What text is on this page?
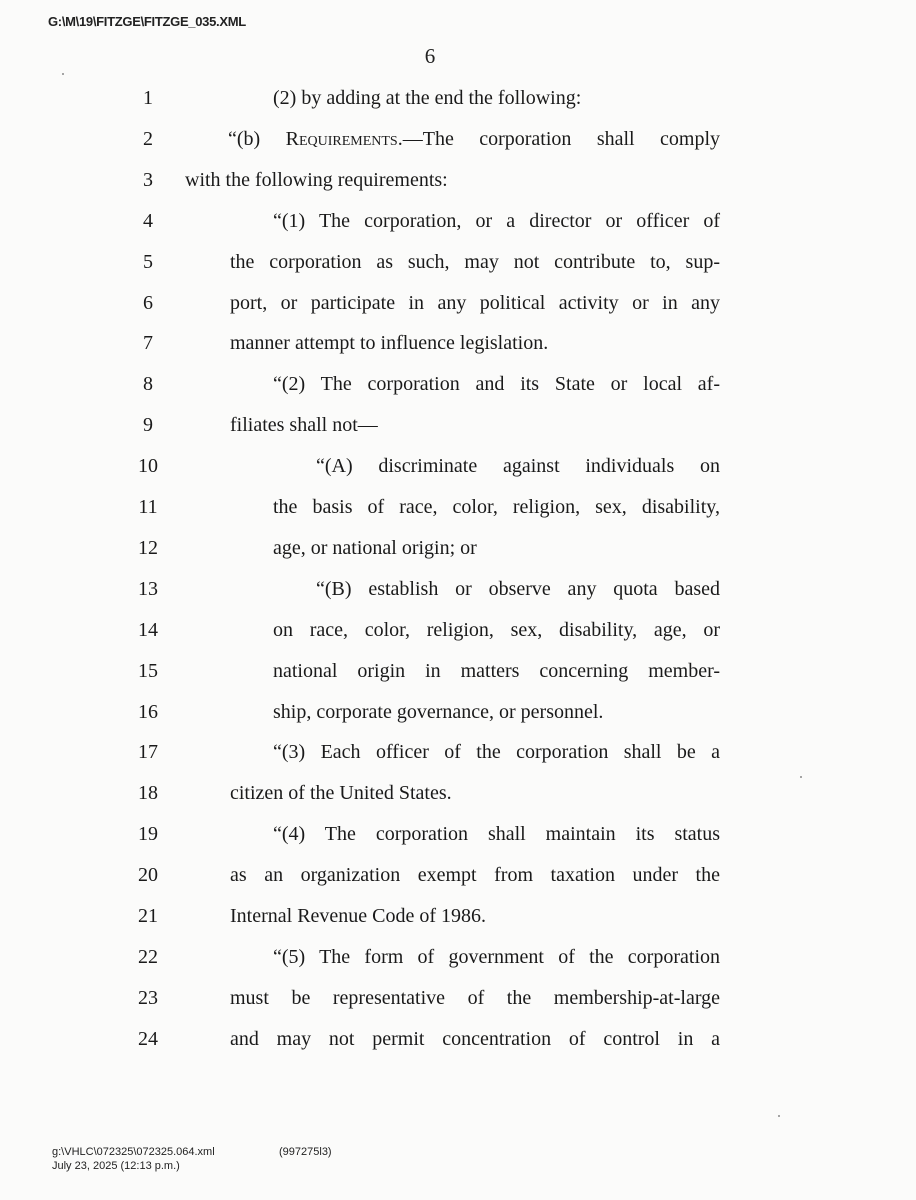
G:\M\19\FITZGE\FITZGE_035.XML
6
1	(2) by adding at the end the following:
2	“(b) Requirements.—The corporation shall comply
3	with the following requirements:
4	“(1) The corporation, or a director or officer of
5	the corporation as such, may not contribute to, sup-
6	port, or participate in any political activity or in any
7	manner attempt to influence legislation.
8	“(2) The corporation and its State or local af-
9	filiates shall not—
10	“(A) discriminate against individuals on
11	the basis of race, color, religion, sex, disability,
12	age, or national origin; or
13	“(B) establish or observe any quota based
14	on race, color, religion, sex, disability, age, or
15	national origin in matters concerning member-
16	ship, corporate governance, or personnel.
17	“(3) Each officer of the corporation shall be a
18	citizen of the United States.
19	“(4) The corporation shall maintain its status
20	as an organization exempt from taxation under the
21	Internal Revenue Code of 1986.
22	“(5) The form of government of the corporation
23	must be representative of the membership-at-large
24	and may not permit concentration of control in a
g:\VHLC\072325\072325.064.xml
July 23, 2025 (12:13 p.m.)
(997275l3)
